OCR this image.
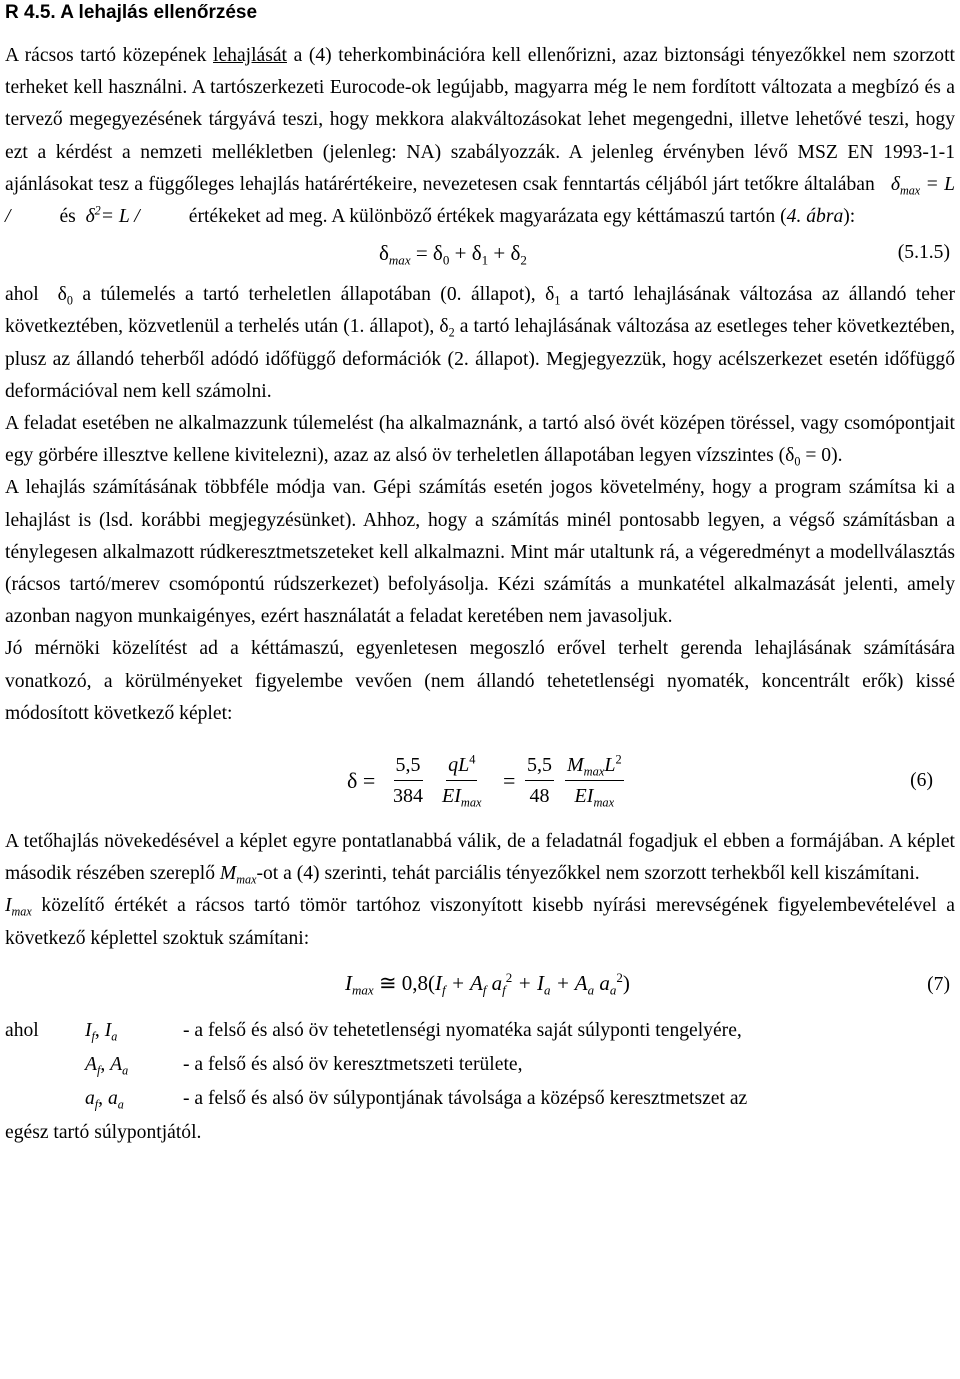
R 4.5. A lehajlás ellenőrzése

A rácsos tartó közepének lehajlását a (4) teherkombinációra kell ellenőrizni, azaz biztonsági tényezőkkel nem szorzott terheket kell használni. A tartószerkezeti Eurocode-ok legújabb, magyarra még le nem fordított változata a megbízó és a tervező megegyezésének tárgyává teszi, hogy mekkora alakváltozásokat lehet megengedni, illetve lehetővé teszi, hogy ezt a kérdést a nemzeti mellékletben (jelenleg: NA) szabályozzák. A jelenleg érvényben lévő MSZ EN 1993-1-1 ajánlásokat tesz a függőleges lehajlás határértékeire, nevezetesen csak fenntartás céljából járt tetőkre általában $\delta_{max} = L$ / és $\delta^2= L$ / értékeket ad meg. A különböző értékek magyarázata egy kéttámaszú tartón (4. ábra):

$\delta_{max} = \delta_0 + \delta_1 + \delta_2$	(5.1.5)

ahol $\delta_0$ a túlemelés a tartó terheletlen állapotában (0. állapot), $\delta_1$ a tartó lehajlásának változása az állandó teher következtében, közvetlenül a terhelés után (1. állapot), $\delta_2$ a tartó lehajlásának változása az esetleges teher következtében, plusz az állandó teherből adódó időfüggő deformációk (2. állapot). Megjegyezzük, hogy acélszerkezet esetén időfüggő deformációval nem kell számolni.

A feladat esetében ne alkalmazzunk túlemelést (ha alkalmaznánk, a tartó alsó övét középen töréssel, vagy csomópontjait egy görbére illesztve kellene kivitelezni), azaz az alsó öv terheletlen állapotában legyen vízszintes $(\delta_0 = 0)$.

A lehajlás számításának többféle módja van. Gépi számítás esetén jogos követelmény, hogy a program számítsa ki a lehajlást is (lsd. korábbi megjegyzésünket). Ahhoz, hogy a számítás minél pontosabb legyen, a végső számításban a ténylegesen alkalmazott rúdkeresztmetszeteket kell alkalmazni. Mint már utaltunk rá, a végeredményt a modellválasztás (rácsos tartó/merev csomópontú rúdszerkezet) befolyásolja. Kézi számítás a munkatétel alkalmazását jelenti, amely azonban nagyon munkaigényes, ezért használatát a feladat keretében nem javasoljuk.

Jó mérnöki közelítést ad a kéttámaszú, egyenletesen megoszló erővel terhelt gerenda lehajlásának számítására vonatkozó, a körülményeket figyelembe vevően (nem állandó tehetetlenségi nyomaték, koncentrált erők) kissé módosított következő képlet:

$\delta = \frac{5,5}{384} qL^4$
$EI_{max}$
= $\frac{5,5}{48} M_{max}L^2$
$EI_{max}$
(6)

A tetőhajlás növekedésével a képlet egyre pontatlanabbá válik, de a feladatnál fogadjuk el ebben a formájában. A képlet második részében szereplő $M_{max}-ot$ a (4) szerinti, tehát parciális tényezőkkel nem szorzott terhekből kell kiszámítani.

$I_{max}$ közelítő értékét a rácsos tartó tömör tartóhoz viszonyított kisebb nyírási merevségének figyelembevételével a következő képlettel szoktuk számítani:

$I_{max}$ ≅ $0,8(I_f + A_f$ $a_f^2 + I_a + A_a$ $a_a^2$)	(7)
ahol $I_f$, $I_a$	- a felső és alsó öv tehetetlenségi nyomatéka saját súlyponti tengelyére,
$A_f$, $A_a$	- a felső és alsó öv keresztmetszeti területe,
$a_f$, $a_a$	- a felső és alsó öv súlypontjának távolsága a középső keresztmetszet az

egész tartó súlypontjától.
